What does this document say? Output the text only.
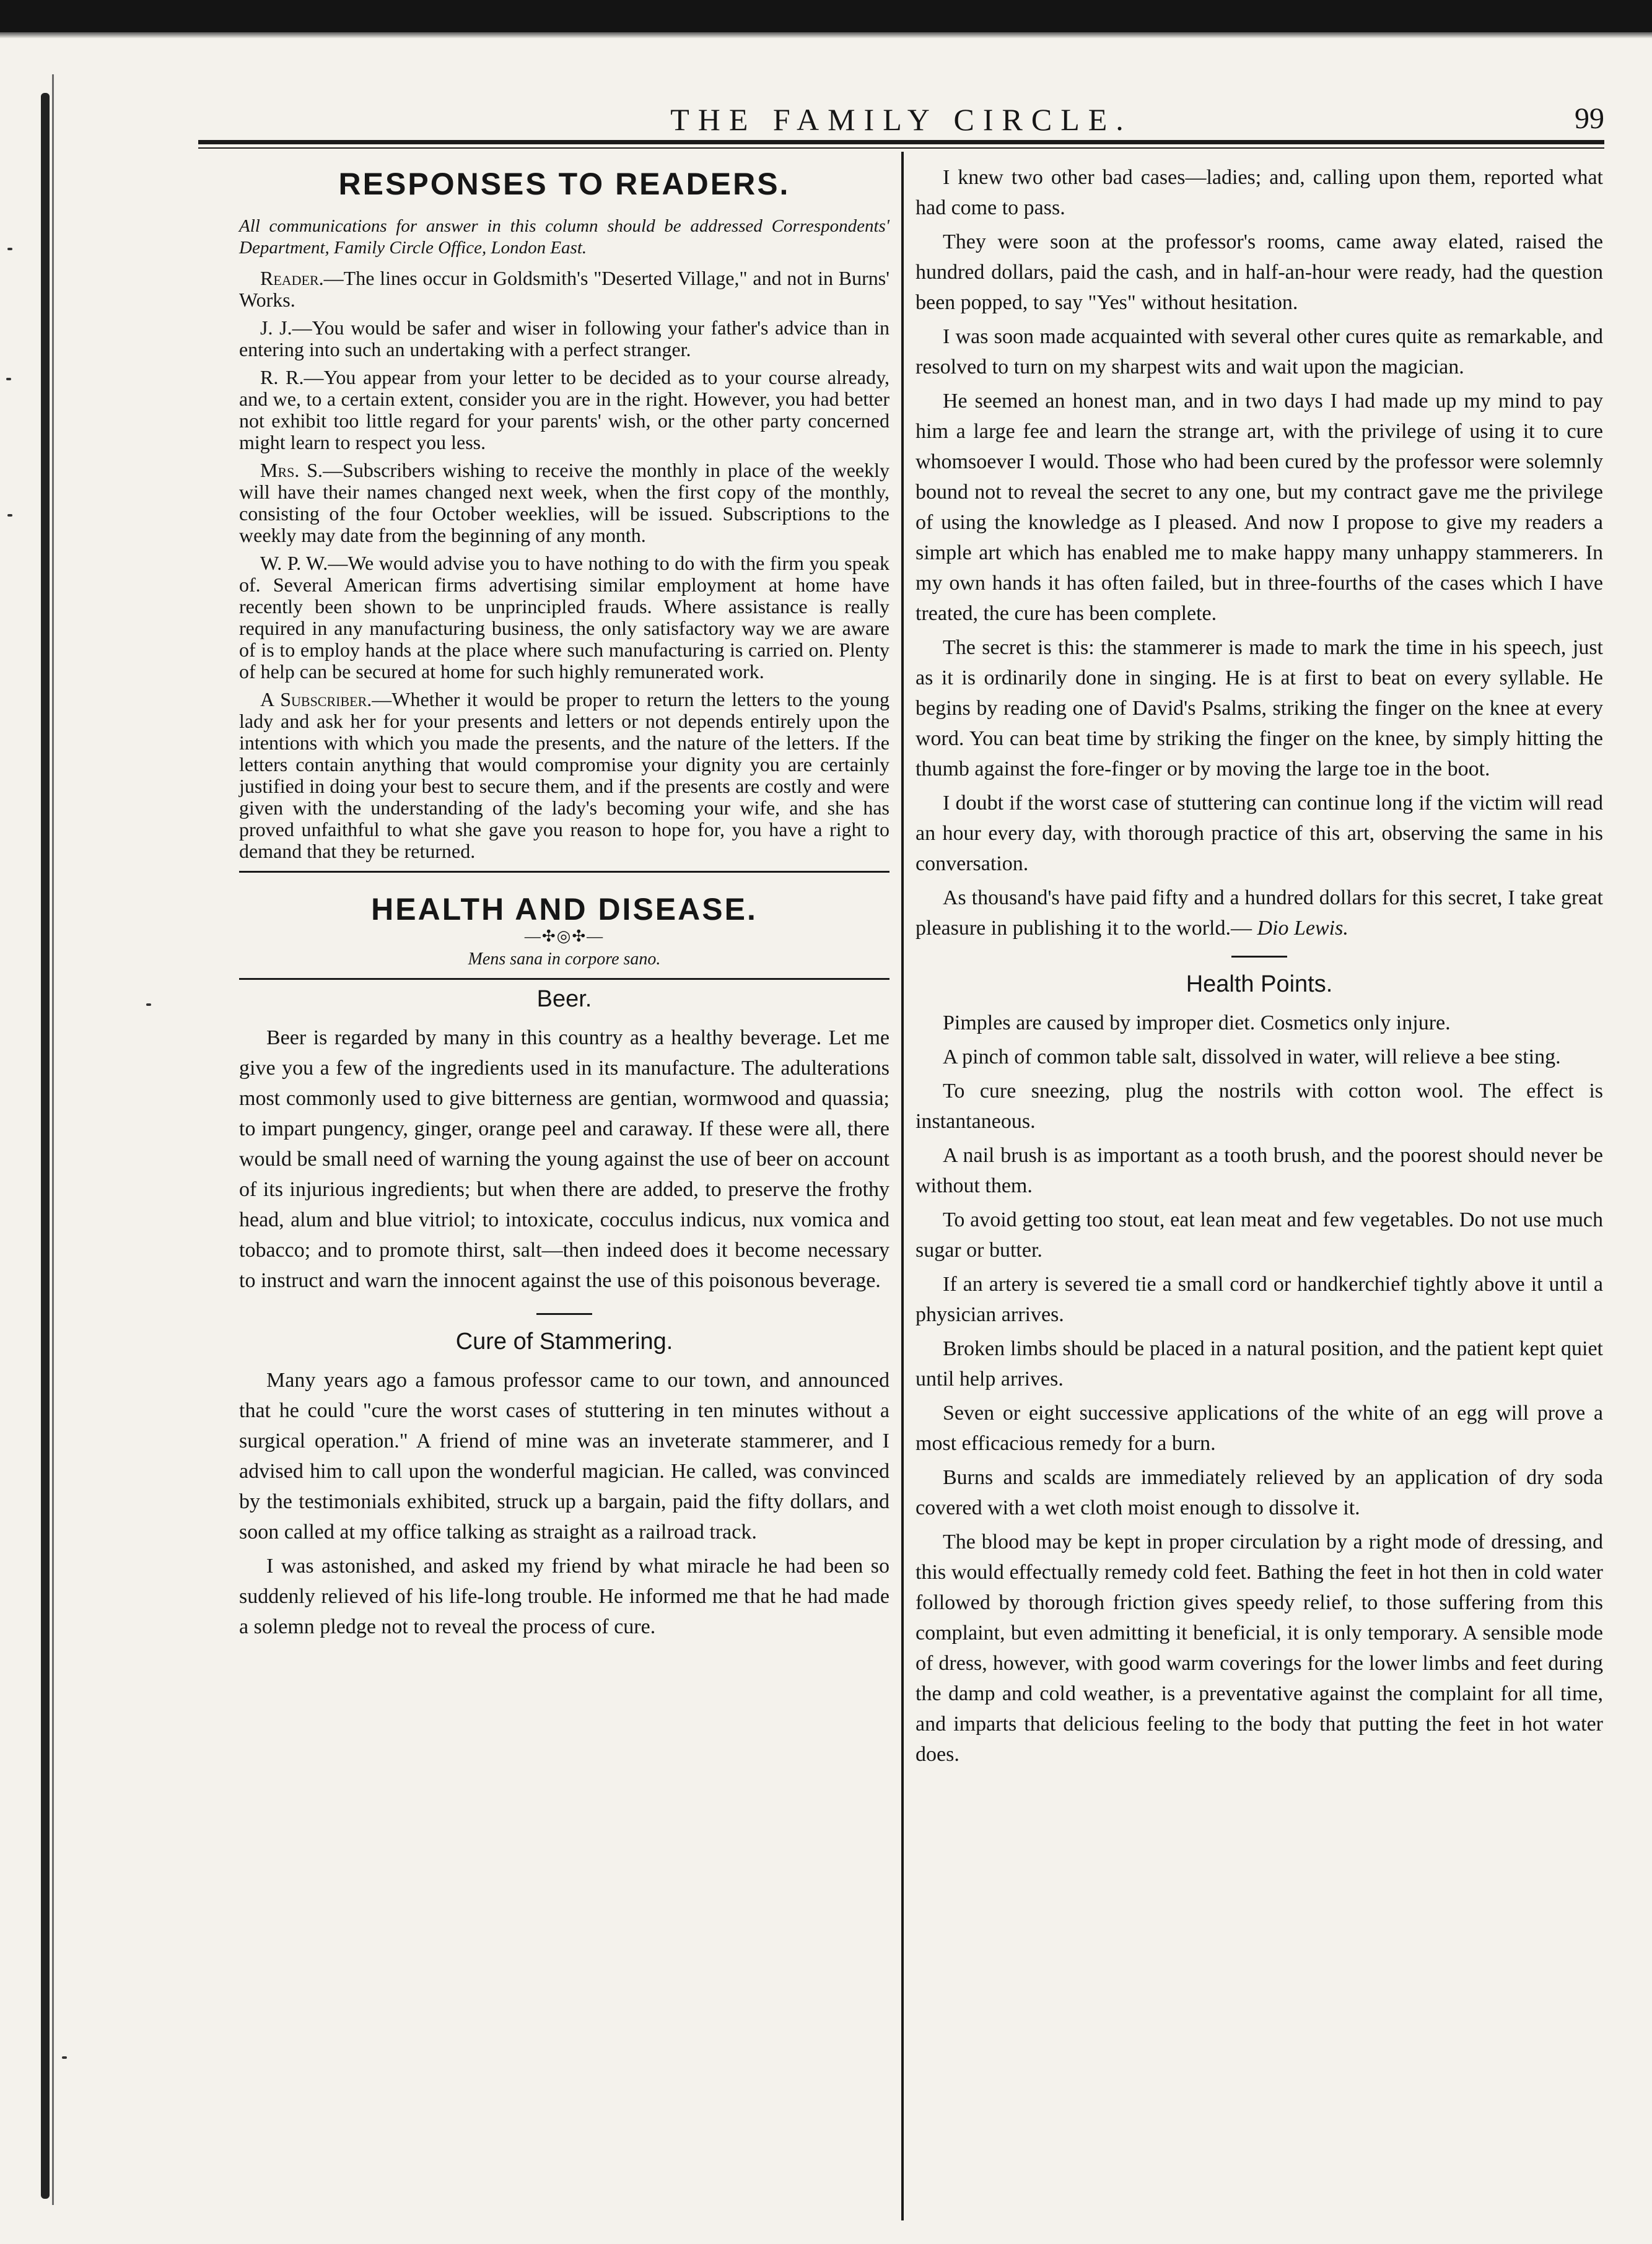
THE FAMILY CIRCLE.	99
RESPONSES TO READERS.

All communications for answer in this column should be addressed Correspondents' Department, Family Circle Office, London East.

Reader.—The lines occur in Goldsmith's "Deserted Village," and not in Burns' Works.

J. J.—You would be safer and wiser in following your father's advice than in entering into such an undertaking with a perfect stranger.

R. R.—You appear from your letter to be decided as to your course already, and we, to a certain extent, consider you are in the right. However, you had better not exhibit too little regard for your parents' wish, or the other party concerned might learn to respect you less.

Mrs. S.—Subscribers wishing to receive the monthly in place of the weekly will have their names changed next week, when the first copy of the monthly, consisting of the four October weeklies, will be issued. Subscriptions to the weekly may date from the beginning of any month.

W. P. W.—We would advise you to have nothing to do with the firm you speak of. Several American firms advertising similar employment at home have recently been shown to be unprincipled frauds. Where assistance is really required in any manufacturing business, the only satisfactory way we are aware of is to employ hands at the place where such manufacturing is carried on. Plenty of help can be secured at home for such highly remunerated work.

A Subscriber.—Whether it would be proper to return the letters to the young lady and ask her for your presents and letters or not depends entirely upon the intentions with which you made the presents, and the nature of the letters. If the letters contain anything that would compromise your dignity you are certainly justified in doing your best to secure them, and if the presents are costly and were given with the understanding of the lady's becoming your wife, and she has proved unfaithful to what she gave you reason to hope for, you have a right to demand that they be returned.

HEALTH AND DISEASE.
—✣◎✣—
Mens sana in corpore sano.
Beer.

Beer is regarded by many in this country as a healthy beverage. Let me give you a few of the ingredients used in its manufacture. The adulterations most commonly used to give bitterness are gentian, wormwood and quassia; to impart pungency, ginger, orange peel and caraway. If these were all, there would be small need of warning the young against the use of beer on account of its injurious ingredients; but when there are added, to preserve the frothy head, alum and blue vitriol; to intoxicate, cocculus indicus, nux vomica and tobacco; and to promote thirst, salt—then indeed does it become necessary to instruct and warn the innocent against the use of this poisonous beverage.

Cure of Stammering.

Many years ago a famous professor came to our town, and announced that he could "cure the worst cases of stuttering in ten minutes without a surgical operation." A friend of mine was an inveterate stammerer, and I advised him to call upon the wonderful magician. He called, was convinced by the testimonials exhibited, struck up a bargain, paid the fifty dollars, and soon called at my office talking as straight as a railroad track.

I was astonished, and asked my friend by what miracle he had been so suddenly relieved of his life-long trouble. He informed me that he had made a solemn pledge not to reveal the process of cure.

I knew two other bad cases—ladies; and, calling upon them, reported what had come to pass.

They were soon at the professor's rooms, came away elated, raised the hundred dollars, paid the cash, and in half-an-hour were ready, had the question been popped, to say "Yes" without hesitation.

I was soon made acquainted with several other cures quite as remarkable, and resolved to turn on my sharpest wits and wait upon the magician.

He seemed an honest man, and in two days I had made up my mind to pay him a large fee and learn the strange art, with the privilege of using it to cure whomsoever I would. Those who had been cured by the professor were solemnly bound not to reveal the secret to any one, but my contract gave me the privilege of using the knowledge as I pleased. And now I propose to give my readers a simple art which has enabled me to make happy many unhappy stammerers. In my own hands it has often failed, but in three-fourths of the cases which I have treated, the cure has been complete.

The secret is this: the stammerer is made to mark the time in his speech, just as it is ordinarily done in singing. He is at first to beat on every syllable. He begins by reading one of David's Psalms, striking the finger on the knee at every word. You can beat time by striking the finger on the knee, by simply hitting the thumb against the fore-finger or by moving the large toe in the boot.

I doubt if the worst case of stuttering can continue long if the victim will read an hour every day, with thorough practice of this art, observing the same in his conversation.

As thousand's have paid fifty and a hundred dollars for this secret, I take great pleasure in publishing it to the world.— Dio Lewis.

Health Points.

Pimples are caused by improper diet. Cosmetics only injure.

A pinch of common table salt, dissolved in water, will relieve a bee sting.

To cure sneezing, plug the nostrils with cotton wool. The effect is instantaneous.

A nail brush is as important as a tooth brush, and the poorest should never be without them.

To avoid getting too stout, eat lean meat and few vegetables. Do not use much sugar or butter.

If an artery is severed tie a small cord or handkerchief tightly above it until a physician arrives.

Broken limbs should be placed in a natural position, and the patient kept quiet until help arrives.

Seven or eight successive applications of the white of an egg will prove a most efficacious remedy for a burn.

Burns and scalds are immediately relieved by an application of dry soda covered with a wet cloth moist enough to dissolve it.

The blood may be kept in proper circulation by a right mode of dressing, and this would effectually remedy cold feet. Bathing the feet in hot then in cold water followed by thorough friction gives speedy relief, to those suffering from this complaint, but even admitting it beneficial, it is only temporary. A sensible mode of dress, however, with good warm coverings for the lower limbs and feet during the damp and cold weather, is a preventative against the complaint for all time, and imparts that delicious feeling to the body that putting the feet in hot water does.
